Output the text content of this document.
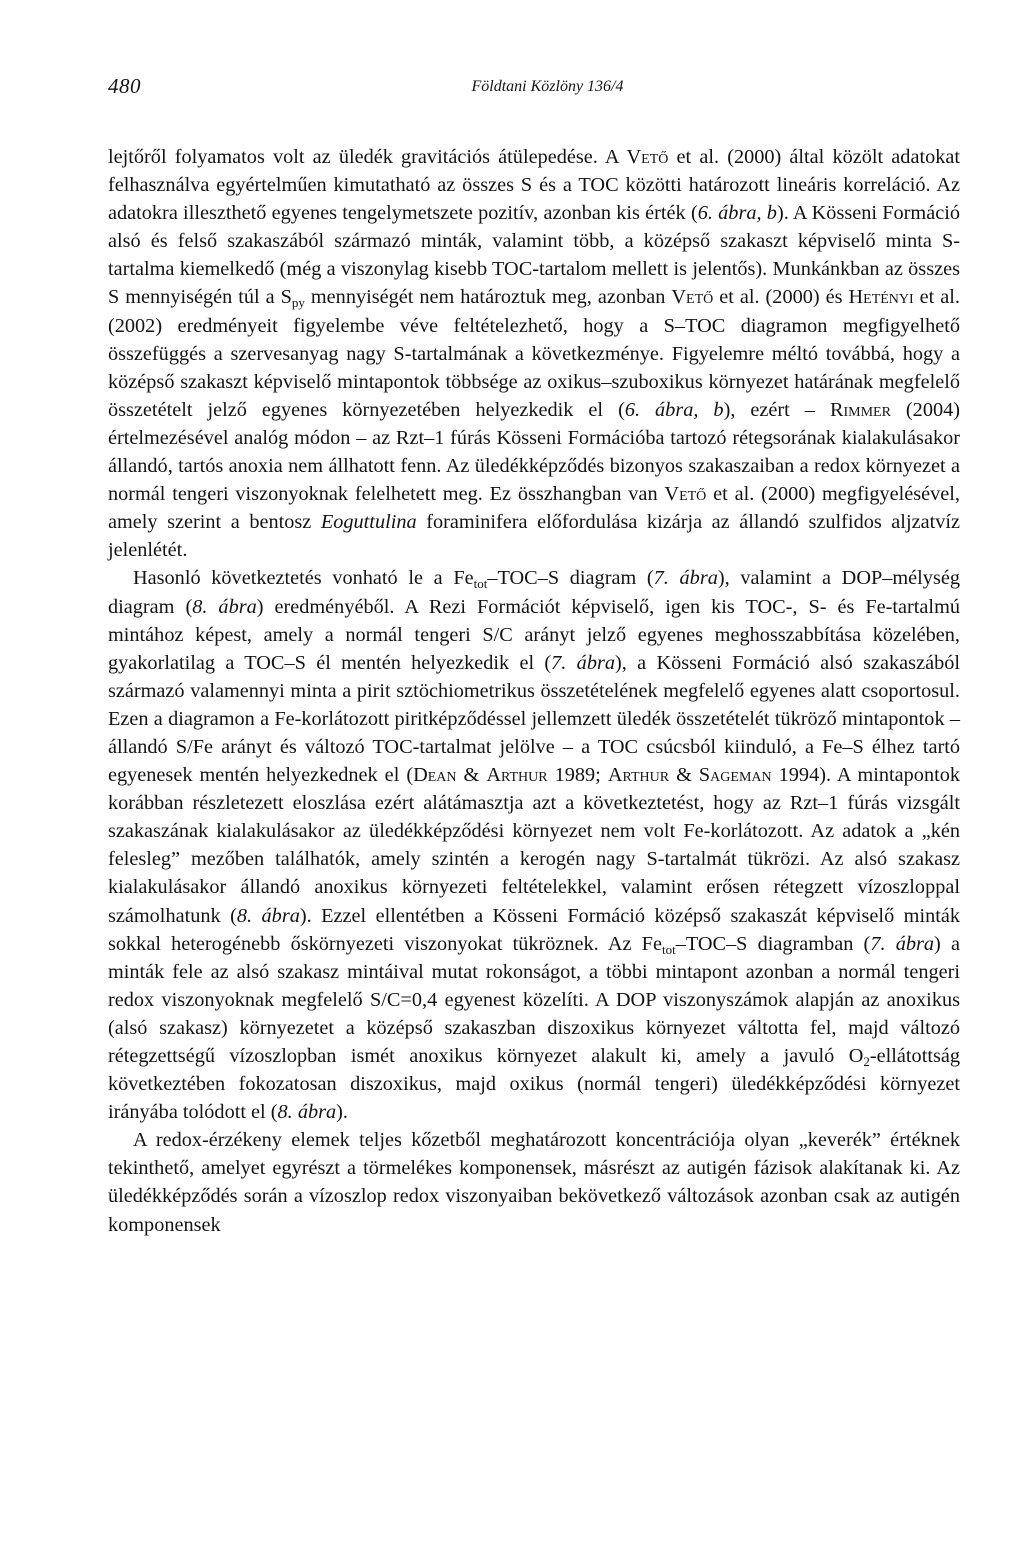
480	Földtani Közlöny 136/4

lejtőről folyamatos volt az üledék gravitációs átülepedése. A Vető et al. (2000) által közölt adatokat felhasználva egyértelműen kimutatható az összes S és a TOC közötti határozott lineáris korreláció. Az adatokra illeszthető egyenes tengelymetszete pozitív, azonban kis érték (6. ábra, b). A Kösseni Formáció alsó és felső szakaszából származó minták, valamint több, a középső szakaszt képviselő minta S-tartalma kiemelkedő (még a viszonylag kisebb TOC-tartalom mellett is jelentős). Munkánkban az összes S mennyiségén túl a $S_{py}$ mennyiségét nem határoztuk meg, azonban Vető et al. (2000) és Hetényi et al. (2002) eredményeit figyelembe véve feltételezhető, hogy a S–TOC diagramon megfigyelhető összefüggés a szervesanyag nagy S-tartalmának a következménye. Figyelemre méltó továbbá, hogy a középső szakaszt képviselő mintapontok többsége az oxikus–szuboxikus környezet határának megfelelő összetételt jelző egyenes környezetében helyezkedik el (6. ábra, b), ezért – Rimmer (2004) értelmezésével analóg módon – az Rzt–1 fúrás Kösseni Formációba tartozó rétegsorának kialakulásakor állandó, tartós anoxia nem állhatott fenn. Az üledékképződés bizonyos szakaszaiban a redox környezet a normál tengeri viszonyoknak felelhetett meg. Ez összhangban van Vető et al. (2000) megfigyelésével, amely szerint a bentosz Eoguttulina foraminifera előfordulása kizárja az állandó szulfidos aljzatvíz jelenlétét.

Hasonló következtetés vonható le a $Fe_{tot}-TOC-S$ diagram (7. ábra), valamint a DOP–mélység diagram (8. ábra) eredményéből. A Rezi Formációt képviselő, igen kis TOC-, S- és Fe-tartalmú mintához képest, amely a normál tengeri S/C arányt jelző egyenes meghosszabbítása közelében, gyakorlatilag a TOC–S él mentén helyezkedik el (7. ábra), a Kösseni Formáció alsó szakaszából származó valamennyi minta a pirit sztöchiometrikus összetételének megfelelő egyenes alatt csoportosul. Ezen a diagramon a Fe-korlátozott piritképződéssel jellemzett üledék összetételét tükröző mintapontok – állandó S/Fe arányt és változó TOC-tartalmat jelölve – a TOC csúcsból kiinduló, a Fe–S élhez tartó egyenesek mentén helyezkednek el (Dean & Arthur 1989; Arthur & Sageman 1994). A mintapontok korábban részletezett eloszlása ezért alátámasztja azt a következtetést, hogy az Rzt–1 fúrás vizsgált szakaszának kialakulásakor az üledékképződési környezet nem volt Fe-korlátozott. Az adatok a „kén felesleg” mezőben találhatók, amely szintén a kerogén nagy S-tartalmát tükrözi. Az alsó szakasz kialakulásakor állandó anoxikus környezeti feltételekkel, valamint erősen rétegzett vízoszloppal számolhatunk (8. ábra). Ezzel ellentétben a Kösseni Formáció középső szakaszát képviselő minták sokkal heterogénebb őskörnyezeti viszonyokat tükröznek. Az $Fe_{tot}-TOC-S$ diagramban (7. ábra) a minták fele az alsó szakasz mintáival mutat rokonságot, a többi mintapont azonban a normál tengeri redox viszonyoknak megfelelő S/C=0,4 egyenest közelíti. A DOP viszonyszámok alapján az anoxikus (alsó szakasz) környezetet a középső szakaszban diszoxikus környezet váltotta fel, majd változó rétegzettségű vízoszlopban ismét anoxikus környezet alakult ki, amely a javuló $O_2$-ellátottság következtében fokozatosan diszoxikus, majd oxikus (normál tengeri) üledékképződési környezet irányába tolódott el (8. ábra).

A redox-érzékeny elemek teljes kőzetből meghatározott koncentrációja olyan „keverék” értéknek tekinthető, amelyet egyrészt a törmelékes komponensek, másrészt az autigén fázisok alakítanak ki. Az üledékképződés során a vízoszlop redox viszonyaiban bekövetkező változások azonban csak az autigén komponensek
